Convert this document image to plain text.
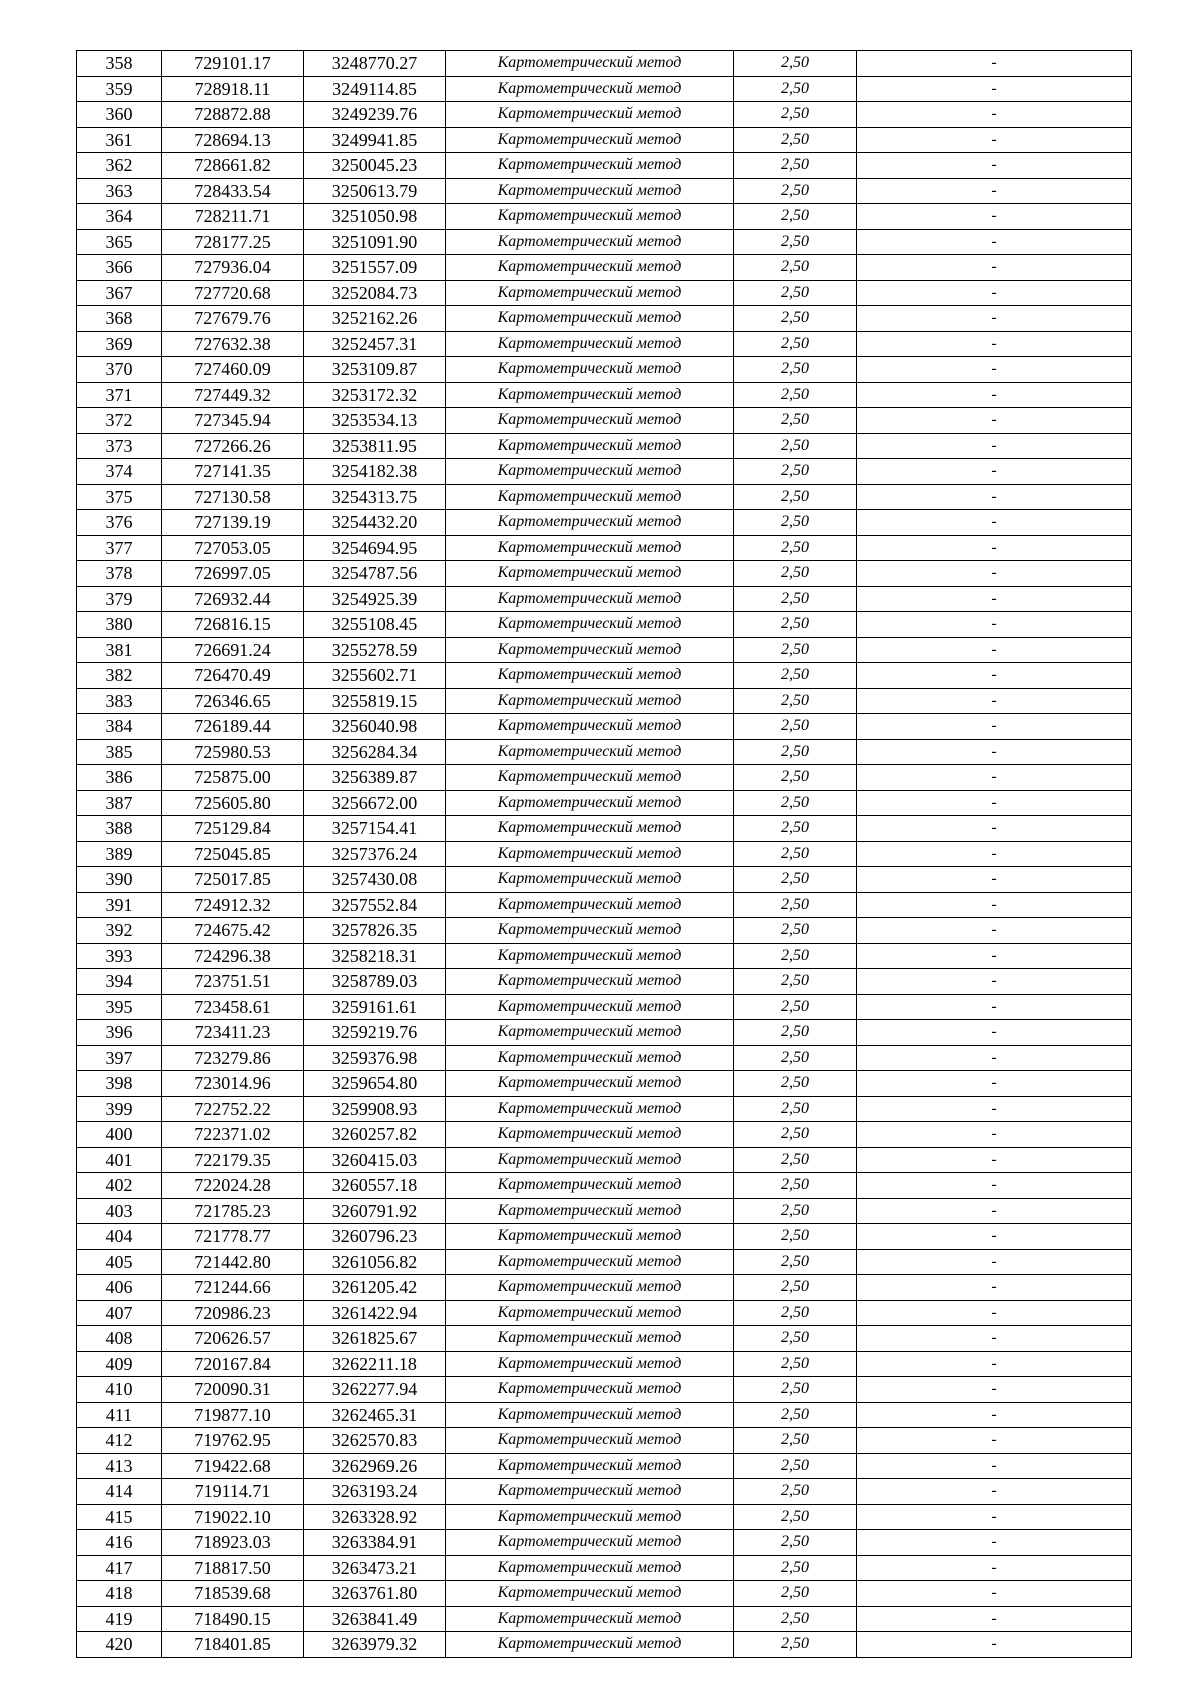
358	729101.17	3248770.27	Картометрический метод	2,50	-
359	728918.11	3249114.85	Картометрический метод	2,50	-
360	728872.88	3249239.76	Картометрический метод	2,50	-
361	728694.13	3249941.85	Картометрический метод	2,50	-
362	728661.82	3250045.23	Картометрический метод	2,50	-
363	728433.54	3250613.79	Картометрический метод	2,50	-
364	728211.71	3251050.98	Картометрический метод	2,50	-
365	728177.25	3251091.90	Картометрический метод	2,50	-
366	727936.04	3251557.09	Картометрический метод	2,50	-
367	727720.68	3252084.73	Картометрический метод	2,50	-
368	727679.76	3252162.26	Картометрический метод	2,50	-
369	727632.38	3252457.31	Картометрический метод	2,50	-
370	727460.09	3253109.87	Картометрический метод	2,50	-
371	727449.32	3253172.32	Картометрический метод	2,50	-
372	727345.94	3253534.13	Картометрический метод	2,50	-
373	727266.26	3253811.95	Картометрический метод	2,50	-
374	727141.35	3254182.38	Картометрический метод	2,50	-
375	727130.58	3254313.75	Картометрический метод	2,50	-
376	727139.19	3254432.20	Картометрический метод	2,50	-
377	727053.05	3254694.95	Картометрический метод	2,50	-
378	726997.05	3254787.56	Картометрический метод	2,50	-
379	726932.44	3254925.39	Картометрический метод	2,50	-
380	726816.15	3255108.45	Картометрический метод	2,50	-
381	726691.24	3255278.59	Картометрический метод	2,50	-
382	726470.49	3255602.71	Картометрический метод	2,50	-
383	726346.65	3255819.15	Картометрический метод	2,50	-
384	726189.44	3256040.98	Картометрический метод	2,50	-
385	725980.53	3256284.34	Картометрический метод	2,50	-
386	725875.00	3256389.87	Картометрический метод	2,50	-
387	725605.80	3256672.00	Картометрический метод	2,50	-
388	725129.84	3257154.41	Картометрический метод	2,50	-
389	725045.85	3257376.24	Картометрический метод	2,50	-
390	725017.85	3257430.08	Картометрический метод	2,50	-
391	724912.32	3257552.84	Картометрический метод	2,50	-
392	724675.42	3257826.35	Картометрический метод	2,50	-
393	724296.38	3258218.31	Картометрический метод	2,50	-
394	723751.51	3258789.03	Картометрический метод	2,50	-
395	723458.61	3259161.61	Картометрический метод	2,50	-
396	723411.23	3259219.76	Картометрический метод	2,50	-
397	723279.86	3259376.98	Картометрический метод	2,50	-
398	723014.96	3259654.80	Картометрический метод	2,50	-
399	722752.22	3259908.93	Картометрический метод	2,50	-
400	722371.02	3260257.82	Картометрический метод	2,50	-
401	722179.35	3260415.03	Картометрический метод	2,50	-
402	722024.28	3260557.18	Картометрический метод	2,50	-
403	721785.23	3260791.92	Картометрический метод	2,50	-
404	721778.77	3260796.23	Картометрический метод	2,50	-
405	721442.80	3261056.82	Картометрический метод	2,50	-
406	721244.66	3261205.42	Картометрический метод	2,50	-
407	720986.23	3261422.94	Картометрический метод	2,50	-
408	720626.57	3261825.67	Картометрический метод	2,50	-
409	720167.84	3262211.18	Картометрический метод	2,50	-
410	720090.31	3262277.94	Картометрический метод	2,50	-
411	719877.10	3262465.31	Картометрический метод	2,50	-
412	719762.95	3262570.83	Картометрический метод	2,50	-
413	719422.68	3262969.26	Картометрический метод	2,50	-
414	719114.71	3263193.24	Картометрический метод	2,50	-
415	719022.10	3263328.92	Картометрический метод	2,50	-
416	718923.03	3263384.91	Картометрический метод	2,50	-
417	718817.50	3263473.21	Картометрический метод	2,50	-
418	718539.68	3263761.80	Картометрический метод	2,50	-
419	718490.15	3263841.49	Картометрический метод	2,50	-
420	718401.85	3263979.32	Картометрический метод	2,50	-
